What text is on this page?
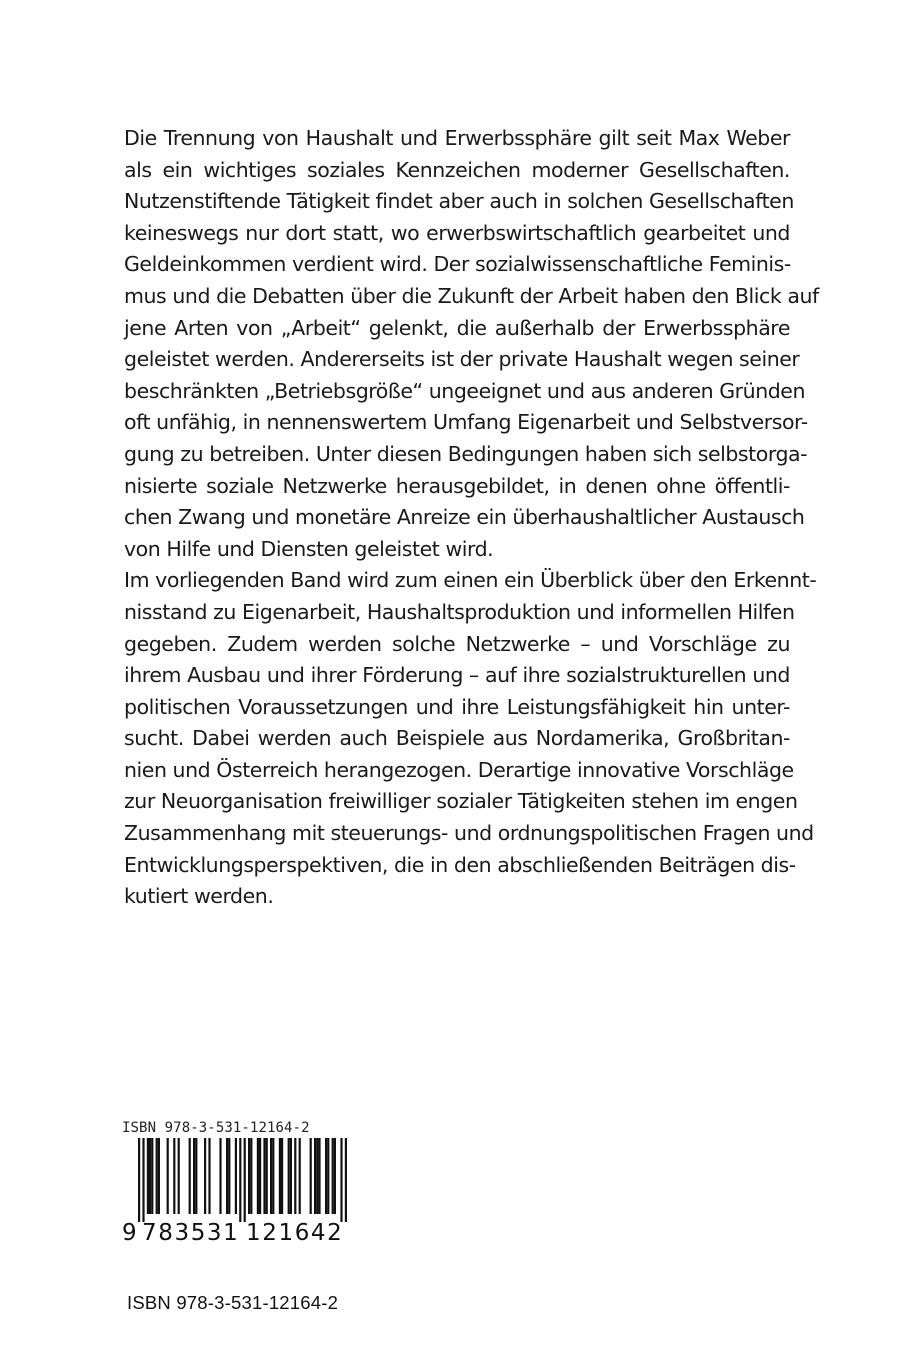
Die Trennung von Haushalt und Erwerbssphäre gilt seit Max Weber
als ein wichtiges soziales Kennzeichen moderner Gesellschaften.
Nutzenstiftende Tätigkeit findet aber auch in solchen Gesellschaften
keineswegs nur dort statt, wo erwerbswirtschaftlich gearbeitet und
Geldeinkommen verdient wird. Der sozialwissenschaftliche Feminis-
mus und die Debatten über die Zukunft der Arbeit haben den Blick auf
jene Arten von „Arbeit“ gelenkt, die außerhalb der Erwerbssphäre
geleistet werden. Andererseits ist der private Haushalt wegen seiner
beschränkten „Betriebsgröße“ ungeeignet und aus anderen Gründen
oft unfähig, in nennenswertem Umfang Eigenarbeit und Selbstversor-
gung zu betreiben. Unter diesen Bedingungen haben sich selbstorga-
nisierte soziale Netzwerke herausgebildet, in denen ohne öffentli-
chen Zwang und monetäre Anreize ein überhaushaltlicher Austausch
von Hilfe und Diensten geleistet wird.

Im vorliegenden Band wird zum einen ein Überblick über den Erkennt-
nisstand zu Eigenarbeit, Haushaltsproduktion und informellen Hilfen
gegeben. Zudem werden solche Netzwerke – und Vorschläge zu
ihrem Ausbau und ihrer Förderung – auf ihre sozialstrukturellen und
politischen Voraussetzungen und ihre Leistungsfähigkeit hin unter-
sucht. Dabei werden auch Beispiele aus Nordamerika, Großbritan-
nien und Österreich herangezogen. Derartige innovative Vorschläge
zur Neuorganisation freiwilliger sozialer Tätigkeiten stehen im engen
Zusammenhang mit steuerungs- und ordnungspolitischen Fragen und
Entwicklungsperspektiven, die in den abschließenden Beiträgen dis-
kutiert werden.

ISBN 978-3-531-12164-2
9 783531 121642
ISBN 978-3-531-12164-2
